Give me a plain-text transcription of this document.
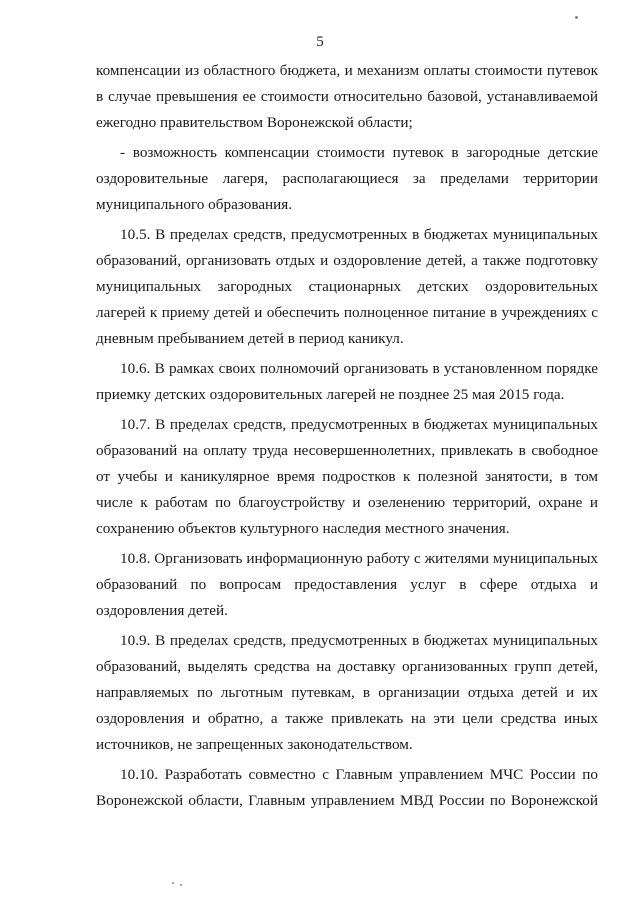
5

компенсации из областного бюджета, и механизм оплаты стоимости путевок в случае превышения ее стоимости относительно базовой, устанавливаемой ежегодно правительством Воронежской области;

- возможность компенсации стоимости путевок в загородные детские оздоровительные лагеря, располагающиеся за пределами территории муниципального образования.

10.5. В пределах средств, предусмотренных в бюджетах муниципальных образований, организовать отдых и оздоровление детей, а также подготовку муниципальных загородных стационарных детских оздоровительных лагерей к приему детей и обеспечить полноценное питание в учреждениях с дневным пребыванием детей в период каникул.

10.6. В рамках своих полномочий организовать в установленном порядке приемку детских оздоровительных лагерей не позднее 25 мая 2015 года.

10.7. В пределах средств, предусмотренных в бюджетах муниципальных образований на оплату труда несовершеннолетних, привлекать в свободное от учебы и каникулярное время подростков к полезной занятости, в том числе к работам по благоустройству и озеленению территорий, охране и сохранению объектов культурного наследия местного значения.

10.8. Организовать информационную работу с жителями муниципальных образований по вопросам предоставления услуг в сфере отдыха и оздоровления детей.

10.9. В пределах средств, предусмотренных в бюджетах муниципальных образований, выделять средства на доставку организованных групп детей, направляемых по льготным путевкам, в организации отдыха детей и их оздоровления и обратно, а также привлекать на эти цели средства иных источников, не запрещенных законодательством.

10.10. Разработать совместно с Главным управлением МЧС России по Воронежской области, Главным управлением МВД России по Воронежской
